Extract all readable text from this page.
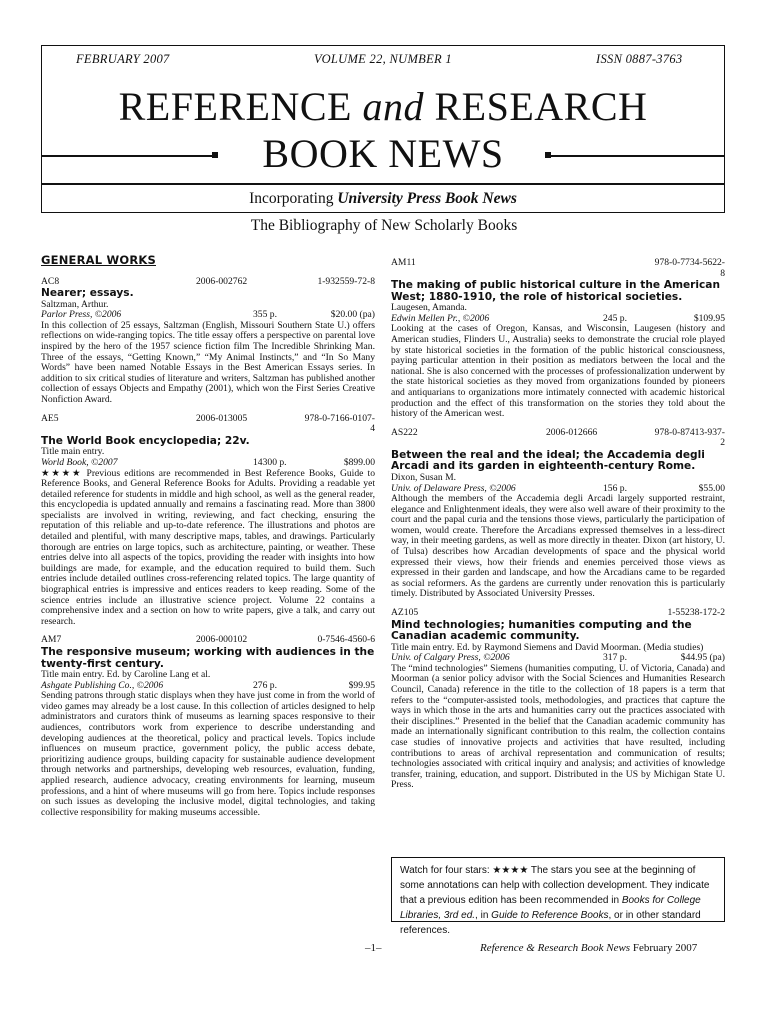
FEBRUARY 2007	VOLUME 22, NUMBER 1	ISSN 0887-3763
REFERENCE and RESEARCH
BOOK NEWS
Incorporating University Press Book News
The Bibliography of New Scholarly Books
GENERAL WORKS
AC8	2006-002762	1-932559-72-8
Nearer; essays.
Saltzman, Arthur.
Parlor Press, ©2006	355 p.	$20.00 (pa)
In this collection of 25 essays, Saltzman (English, Missouri Southern State U.) offers reflections on wide-ranging topics. The title essay offers a perspective on parental love inspired by the hero of the 1957 science fiction film The Incredible Shrinking Man. Three of the essays, “Getting Known,” “My Animal Instincts,” and “In So Many Words” have been named Notable Essays in the Best American Essays series. In addition to six critical studies of literature and writers, Saltzman has published another collection of essays Objects and Empathy (2001), which won the First Series Creative Nonfiction Award.
AE5	2006-013005	978-0-7166-0107-4
The World Book encyclopedia; 22v.
Title main entry.
World Book, ©2007	14300 p.	$899.00
★★★★ Previous editions are recommended in Best Reference Books, Guide to Reference Books, and General Reference Books for Adults. Providing a readable yet detailed reference for students in middle and high school, as well as the general reader, this encyclopedia is updated annually and remains a fascinating read. More than 3800 specialists are involved in writing, reviewing, and fact checking, ensuring the reputation of this reliable and up-to-date reference. The illustrations and photos are detailed and plentiful, with many descriptive maps, tables, and drawings. Particularly thorough are entries on large topics, such as architecture, painting, or weather. These entries delve into all aspects of the topics, providing the reader with insights into how buildings are made, for example, and the education required to build them. Such entries include detailed outlines cross-referencing related topics. The large quantity of biographical entries is impressive and entices readers to keep reading. Some of the science entries include an illustrative science project. Volume 22 contains a comprehensive index and a section on how to write papers, give a talk, and carry out research.
AM7	2006-000102	0-7546-4560-6
The responsive museum; working with audiences in the twenty-first century.
Title main entry. Ed. by Caroline Lang et al.
Ashgate Publishing Co., ©2006	276 p.	$99.95
Sending patrons through static displays when they have just come in from the world of video games may already be a lost cause. In this collection of articles designed to help administrators and curators think of museums as learning spaces responsive to their audiences, contributors work from experience to describe understanding and developing audiences at the theoretical, policy and practical levels. Topics include influences on museum practice, government policy, the public access debate, prioritizing audience groups, building capacity for sustainable audience development through networks and partnerships, developing web resources, evaluation, funding, applied research, audience advocacy, creating environments for learning, museum professions, and a hint of where museums will go from here. Topics include responses on such issues as developing the inclusive model, digital technologies, and taking collective responsibility for making museums accessible.
AM11	978-0-7734-5622-8
The making of public historical culture in the American West; 1880-1910, the role of historical societies.
Laugesen, Amanda.
Edwin Mellen Pr., ©2006	245 p.	$109.95
Looking at the cases of Oregon, Kansas, and Wisconsin, Laugesen (history and American studies, Flinders U., Australia) seeks to demonstrate the crucial role played by state historical societies in the formation of the public historical consciousness, paying particular attention in their position as mediators between the local and the national. She is also concerned with the processes of professionalization underwent by the state historical societies as they moved from organizations founded by pioneers and antiquarians to organizations more intimately connected with academic historical production and the effect of this transformation on the stories they told about the history of the American west.
AS222	2006-012666	978-0-87413-937-2
Between the real and the ideal; the Accademia degli Arcadi and its garden in eighteenth-century Rome.
Dixon, Susan M.
Univ. of Delaware Press, ©2006	156 p.	$55.00
Although the members of the Accademia degli Arcadi largely supported restraint, elegance and Enlightenment ideals, they were also well aware of their proximity to the court and the papal curia and the tensions those views, particularly the participation of women, would create. Therefore the Arcadians expressed themselves in a less-direct way, in their meeting gardens, as well as more directly in theater. Dixon (art history, U. of Tulsa) describes how Arcadian developments of space and the physical world expressed their views, how their friends and enemies perceived those views as expressed in their garden and landscape, and how the Arcadians came to be regarded as social reformers. As the gardens are currently under renovation this is particularly timely. Distributed by Associated University Presses.
AZ105	1-55238-172-2
Mind technologies; humanities computing and the Canadian academic community.
Title main entry. Ed. by Raymond Siemens and David Moorman. (Media studies)
Univ. of Calgary Press, ©2006	317 p.	$44.95 (pa)
The “mind technologies” Siemens (humanities computing, U. of Victoria, Canada) and Moorman (a senior policy advisor with the Social Sciences and Humanities Research Council, Canada) reference in the title to the collection of 18 papers is a term that refers to the “computer-assisted tools, methodologies, and practices that capture the ways in which those in the arts and humanities carry out the practices associated with their disciplines.” Presented in the belief that the Canadian academic community has made an internationally significant contribution to this realm, the collection contains case studies of innovative projects and activities that have resulted, including contributions to areas of archival representation and communication of results; technologies associated with critical inquiry and analysis; and activities of knowledge transfer, training, education, and support. Distributed in the US by Michigan State U. Press.
Watch for four stars: ★★★★ The stars you see at the beginning of some annotations can help with collection development. They indicate that a previous edition has been recommended in Books for College Libraries, 3rd ed., in Guide to Reference Books, or in other standard references.
–1–	Reference & Research Book News February 2007
